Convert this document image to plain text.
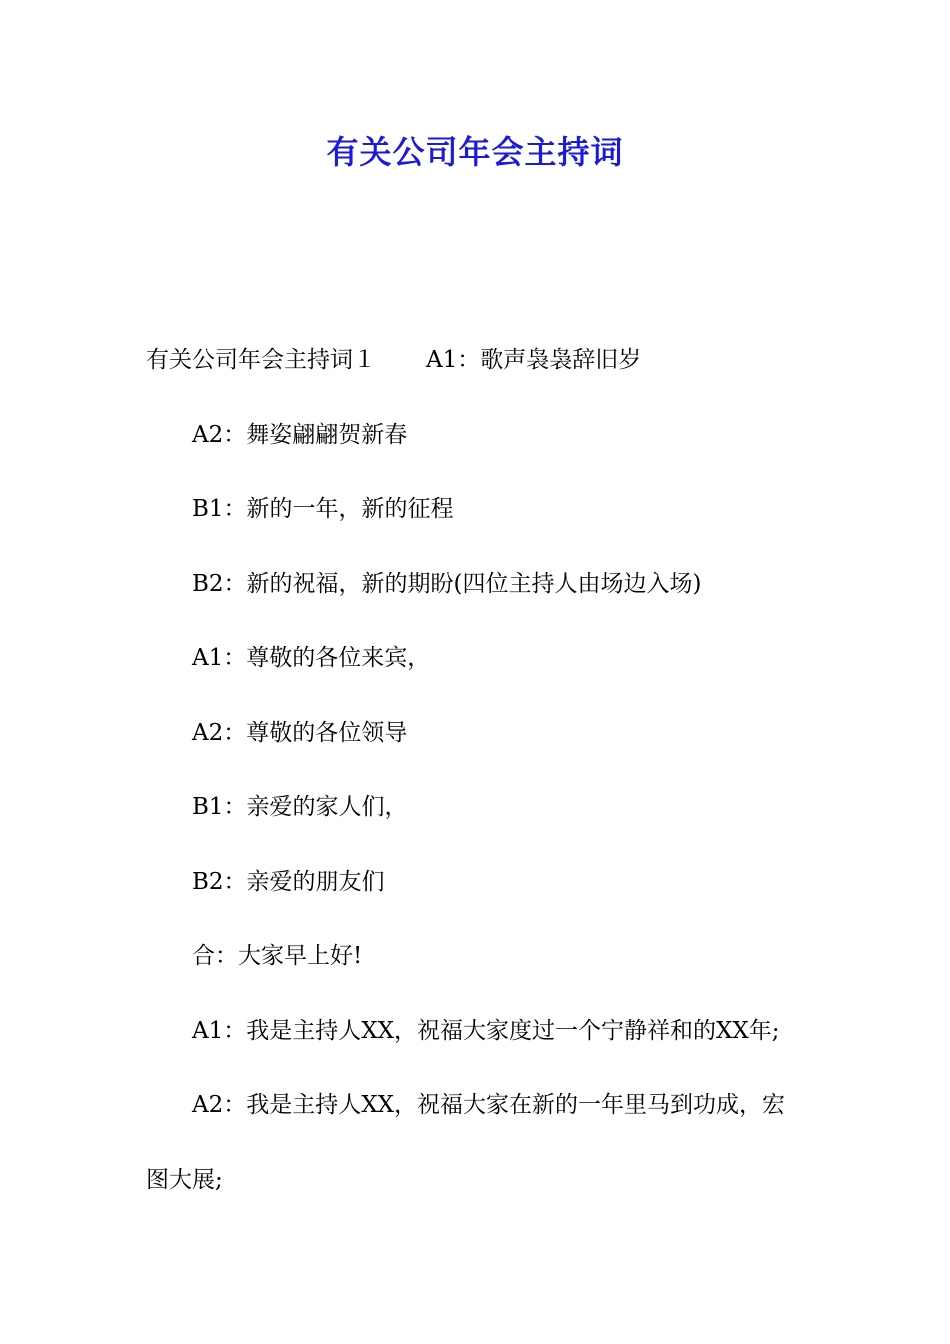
有关公司年会主持词
有关公司年会主持词１ A1：歌声袅袅辞旧岁

A2：舞姿翩翩贺新春

B1：新的一年，新的征程

B2：新的祝福，新的期盼(四位主持人由场边入场)

A1：尊敬的各位来宾，

A2：尊敬的各位领导

B1：亲爱的家人们，

B2：亲爱的朋友们

合：大家早上好!

A1：我是主持人XX，祝福大家度过一个宁静祥和的XX年;

A2：我是主持人XX，祝福大家在新的一年里马到功成，宏

图大展;
